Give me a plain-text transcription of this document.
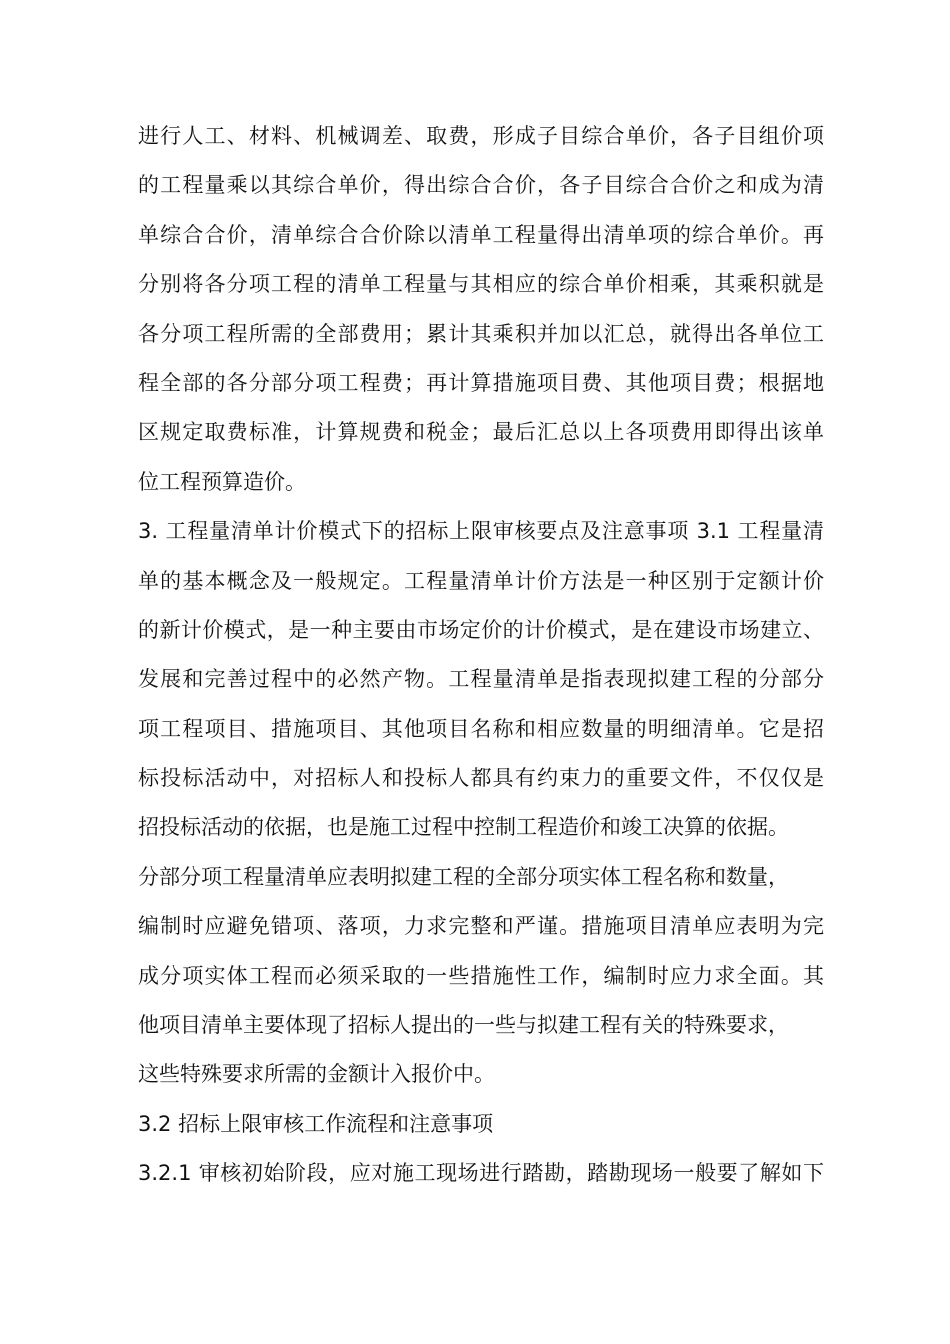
进行人工、材料、机械调差、取费，形成子目综合单价，各子目组价项
的工程量乘以其综合单价，得出综合合价，各子目综合合价之和成为清
单综合合价，清单综合合价除以清单工程量得出清单项的综合单价。再
分别将各分项工程的清单工程量与其相应的综合单价相乘，其乘积就是
各分项工程所需的全部费用；累计其乘积并加以汇总，就得出各单位工
程全部的各分部分项工程费；再计算措施项目费、其他项目费；根据地
区规定取费标准，计算规费和税金；最后汇总以上各项费用即得出该单
位工程预算造价。
3. 工程量清单计价模式下的招标上限审核要点及注意事项 3.1 工程量清
单的基本概念及一般规定。工程量清单计价方法是一种区别于定额计价
的新计价模式，是一种主要由市场定价的计价模式，是在建设市场建立、
发展和完善过程中的必然产物。工程量清单是指表现拟建工程的分部分
项工程项目、措施项目、其他项目名称和相应数量的明细清单。它是招
标投标活动中，对招标人和投标人都具有约束力的重要文件，不仅仅是
招投标活动的依据，也是施工过程中控制工程造价和竣工决算的依据。
分部分项工程量清单应表明拟建工程的全部分项实体工程名称和数量，
编制时应避免错项、落项，力求完整和严谨。措施项目清单应表明为完
成分项实体工程而必须采取的一些措施性工作，编制时应力求全面。其
他项目清单主要体现了招标人提出的一些与拟建工程有关的特殊要求，
这些特殊要求所需的金额计入报价中。
3.2 招标上限审核工作流程和注意事项
3.2.1 审核初始阶段，应对施工现场进行踏勘，踏勘现场一般要了解如下
